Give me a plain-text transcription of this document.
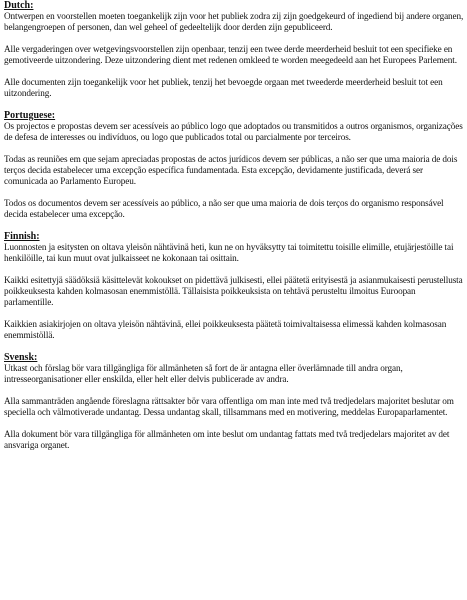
Dutch:

Ontwerpen en voorstellen moeten toegankelijk zijn voor het publiek zodra zij zijn goedgekeurd of ingediend bij andere organen, belangengroepen of personen, dan wel geheel of gedeeltelijk door derden zijn gepubliceerd.

Alle vergaderingen over wetgevingsvoorstellen zijn openbaar, tenzij een twee derde meerderheid besluit tot een specifieke en gemotiveerde uitzondering. Deze uitzondering dient met redenen omkleed te worden meegedeeld aan het Europees Parlement.

Alle documenten zijn toegankelijk voor het publiek, tenzij het bevoegde orgaan met tweederde meerderheid besluit tot een uitzondering.

Portuguese:

Os projectos e propostas devem ser acessíveis ao público logo que adoptados ou transmitidos a outros organismos, organizações de defesa de interesses ou indivíduos, ou logo que publicados total ou parcialmente por terceiros.

Todas as reuniões em que sejam apreciadas propostas de actos jurídicos devem ser públicas, a não ser que uma maioria de dois terços decida estabelecer uma excepção específica fundamentada. Esta excepção, devidamente justificada, deverá ser comunicada ao Parlamento Europeu.

Todos os documentos devem ser acessíveis ao público, a não ser que uma maioria de dois terços do organismo responsável decida estabelecer uma excepção.

Finnish:

Luonnosten ja esitysten on oltava yleisön nähtävinä heti, kun ne on hyväksytty tai toimitettu toisille elimille, etujärjestöille tai henkilöille, tai kun muut ovat julkaisseet ne kokonaan tai osittain.

Kaikki esitettyjä säädöksiä käsittelevät kokoukset on pidettävä julkisesti, ellei päätetä erityisestä ja asianmukaisesti perustellusta poikkeuksesta kahden kolmasosan enemmistöllä. Tällaisista poikkeuksista on tehtävä perusteltu ilmoitus Euroopan parlamentille.

Kaikkien asiakirjojen on oltava yleisön nähtävinä, ellei poikkeuksesta päätetä toimivaltaisessa elimessä kahden kolmasosan enemmistöllä.

Svensk:

Utkast och förslag bör vara tillgängliga för allmänheten så fort de är antagna eller överlämnade till andra organ, intresseorganisationer eller enskilda, eller helt eller delvis publicerade av andra.

Alla sammanträden angående föreslagna rättsakter bör vara offentliga om man inte med två tredjedelars majoritet beslutar om speciella och välmotiverade undantag. Dessa undantag skall, tillsammans med en motivering, meddelas Europaparlamentet.

Alla dokument bör vara tillgängliga för allmänheten om inte beslut om undantag fattats med två tredjedelars majoritet av det ansvariga organet.
